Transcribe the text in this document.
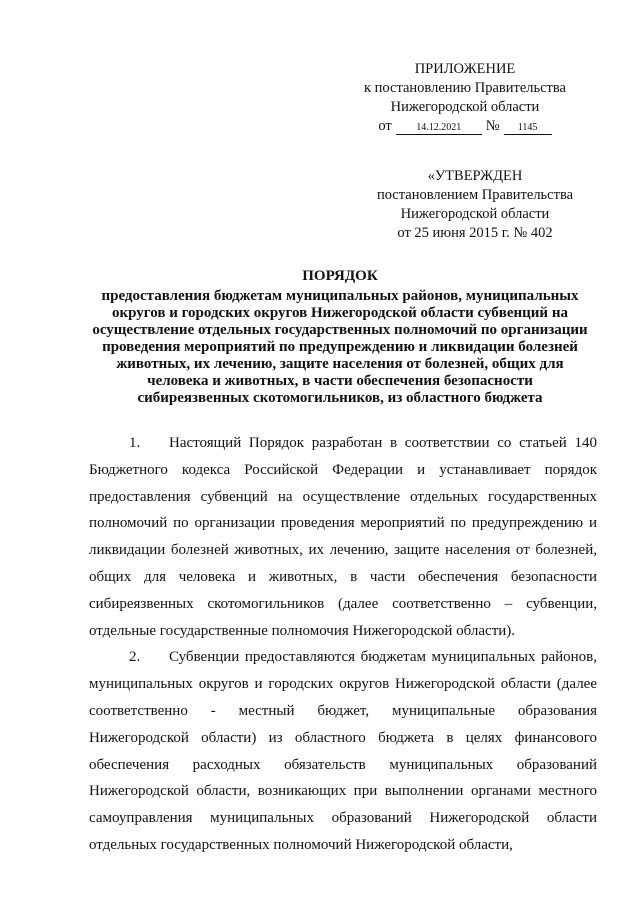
ПРИЛОЖЕНИЕ
к постановлению Правительства
Нижегородской области
от	14.12.2021	№	1145
«УТВЕРЖДЕН
постановлением Правительства
Нижегородской области
от 25 июня 2015 г. № 402
ПОРЯДОК
предоставления бюджетам муниципальных районов, муниципальных
округов и городских округов Нижегородской области субвенций на
осуществление отдельных государственных полномочий по организации
проведения мероприятий по предупреждению и ликвидации болезней
животных, их лечению, защите населения от болезней, общих для
человека и животных, в части обеспечения безопасности
сибиреязвенных скотомогильников, из областного бюджета

1. Настоящий Порядок разработан в соответствии со статьей 140 Бюджетного кодекса Российской Федерации и устанавливает порядок предоставления субвенций на осуществление отдельных государственных полномочий по организации проведения мероприятий по предупреждению и ликвидации болезней животных, их лечению, защите населения от болезней, общих для человека и животных, в части обеспечения безопасности сибиреязвенных скотомогильников (далее соответственно – субвенции, отдельные государственные полномочия Нижегородской области).

2. Субвенции предоставляются бюджетам муниципальных районов, муниципальных округов и городских округов Нижегородской области (далее соответственно - местный бюджет, муниципальные образования Нижегородской области) из областного бюджета в целях финансового обеспечения расходных обязательств муниципальных образований Нижегородской области, возникающих при выполнении органами местного самоуправления муниципальных образований Нижегородской области отдельных государственных полномочий Нижегородской области,
